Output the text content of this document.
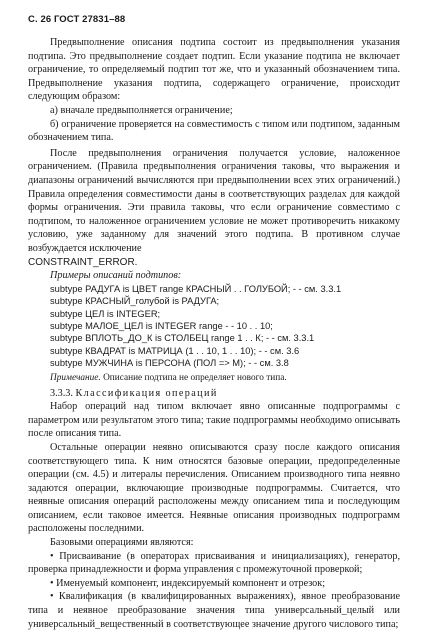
С. 26 ГОСТ 27831–88

Предвыполнение описания подтипа состоит из предвыполнения указания подтипа. Это предвыполнение создает подтип. Если указание подтипа не включает ограничение, то определяемый подтип тот же, что и указанный обозначением типа. Предвыполнение указания подтипа, содержащего ограничение, происходит следующим образом:

а) вначале предвыполняется ограничение;

б) ограничение проверяется на совместимость с типом или подтипом, заданным обозначением типа.

После предвыполнения ограничения получается условие, наложенное ограничением. (Правила предвыполнения ограничения таковы, что выражения и диапазоны ограничений вычисляются при предвыполнении всех этих ограничений.) Правила определения совместимости даны в соответствующих разделах для каждой формы ограничения. Эти правила таковы, что если ограничение совместимо с подтипом, то наложенное ограничением условие не может противоречить никакому условию, уже заданному для значений этого подтипа. В противном случае возбуждается исключение

CONSTRAINT_ERROR.

Примеры описаний подтипов:

subtype РАДУГА is ЦВЕТ range КРАСНЫЙ . . ГОЛУБОЙ; - - см. 3.3.1
subtype КРАСНЫЙ_голубой is РАДУГА;
subtype ЦЕЛ is INTEGER;
subtype МАЛОЕ_ЦЕЛ is INTEGER range - - 10 . . 10;
subtype ВПЛОТЬ_ДО_К is СТОЛБЕЦ range 1 . . К; - - см. 3.3.1
subtype КВАДРАТ is МАТРИЦА (1 . . 10, 1 . . 10); - - см. 3.6
subtype МУЖЧИНА is ПЕРСОНА (ПОЛ => М); - - см. 3.8

Примечание. Описание подтипа не определяет нового типа.

3.3.3. Классификация операций

Набор операций над типом включает явно описанные подпрограммы с параметром или результатом этого типа; такие подпрограммы необходимо описывать после описания типа.

Остальные операции неявно описываются сразу после каждого описания соответствующего типа. К ним относятся базовые операции, предопределенные операции (см. 4.5) и литералы перечисления. Описанием производного типа неявно задаются операции, включающие производные подпрограммы. Считается, что неявные описания операций расположены между описанием типа и последующим описанием, если таковое имеется. Неявные описания производных подпрограмм расположены последними.

Базовыми операциями являются:

• Присваивание (в операторах присваивания и инициализациях), генератор, проверка принадлежности и форма управления с промежуточной проверкой;

• Именуемый компонент, индексируемый компонент и отрезок;

• Квалификация (в квалифицированных выражениях), явное преобразование типа и неявное преобразование значения типа универсальный_целый или универсальный_вещественный в соответствующее значение другого числового типа;
